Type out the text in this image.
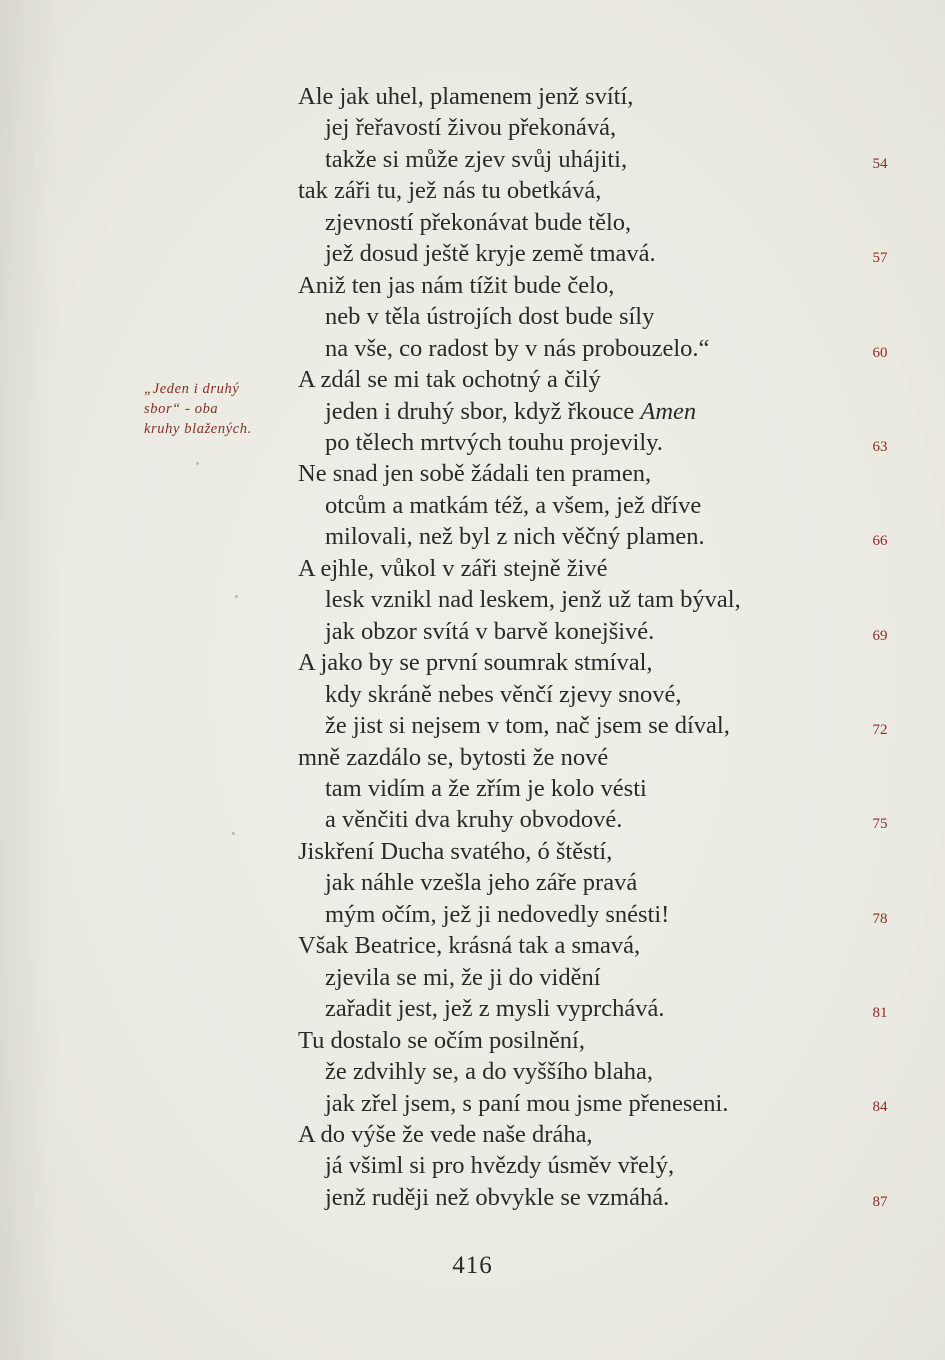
„Jeden i druhý
sbor“ - oba
kruhy blažených.
Ale jak uhel, plamenem jenž svítí,
jej řeřavostí živou překonává,
takže si může zjev svůj uhájiti,
tak záři tu, jež nás tu obetkává,
zjevností překonávat bude tělo,
jež dosud ještě kryje země tmavá.
Aniž ten jas nám tížit bude čelo,
neb v těla ústrojích dost bude síly
na vše, co radost by v nás probouzelo.“
A zdál se mi tak ochotný a čilý
jeden i druhý sbor, když řkouce Amen
po tělech mrtvých touhu projevily.
Ne snad jen sobě žádali ten pramen,
otcům a matkám též, a všem, jež dříve
milovali, než byl z nich věčný plamen.
A ejhle, vůkol v záři stejně živé
lesk vznikl nad leskem, jenž už tam býval,
jak obzor svítá v barvě konejšivé.
A jako by se první soumrak stmíval,
kdy skráně nebes věnčí zjevy snové,
že jist si nejsem v tom, nač jsem se díval,
mně zazdálo se, bytosti že nové
tam vidím a že zřím je kolo vésti
a věnčiti dva kruhy obvodové.
Jiskření Ducha svatého, ó štěstí,
jak náhle vzešla jeho záře pravá
mým očím, jež ji nedovedly snésti!
Však Beatrice, krásná tak a smavá,
zjevila se mi, že ji do vidění
zařadit jest, jež z mysli vyprchává.
Tu dostalo se očím posilnění,
že zdvihly se, a do vyššího blaha,
jak zřel jsem, s paní mou jsme přeneseni.
A do výše že vede naše dráha,
já všiml si pro hvězdy úsměv vřelý,
jenž ruději než obvykle se vzmáhá.
54
57
60
63
66
69
72
75
78
81
84
87
416
